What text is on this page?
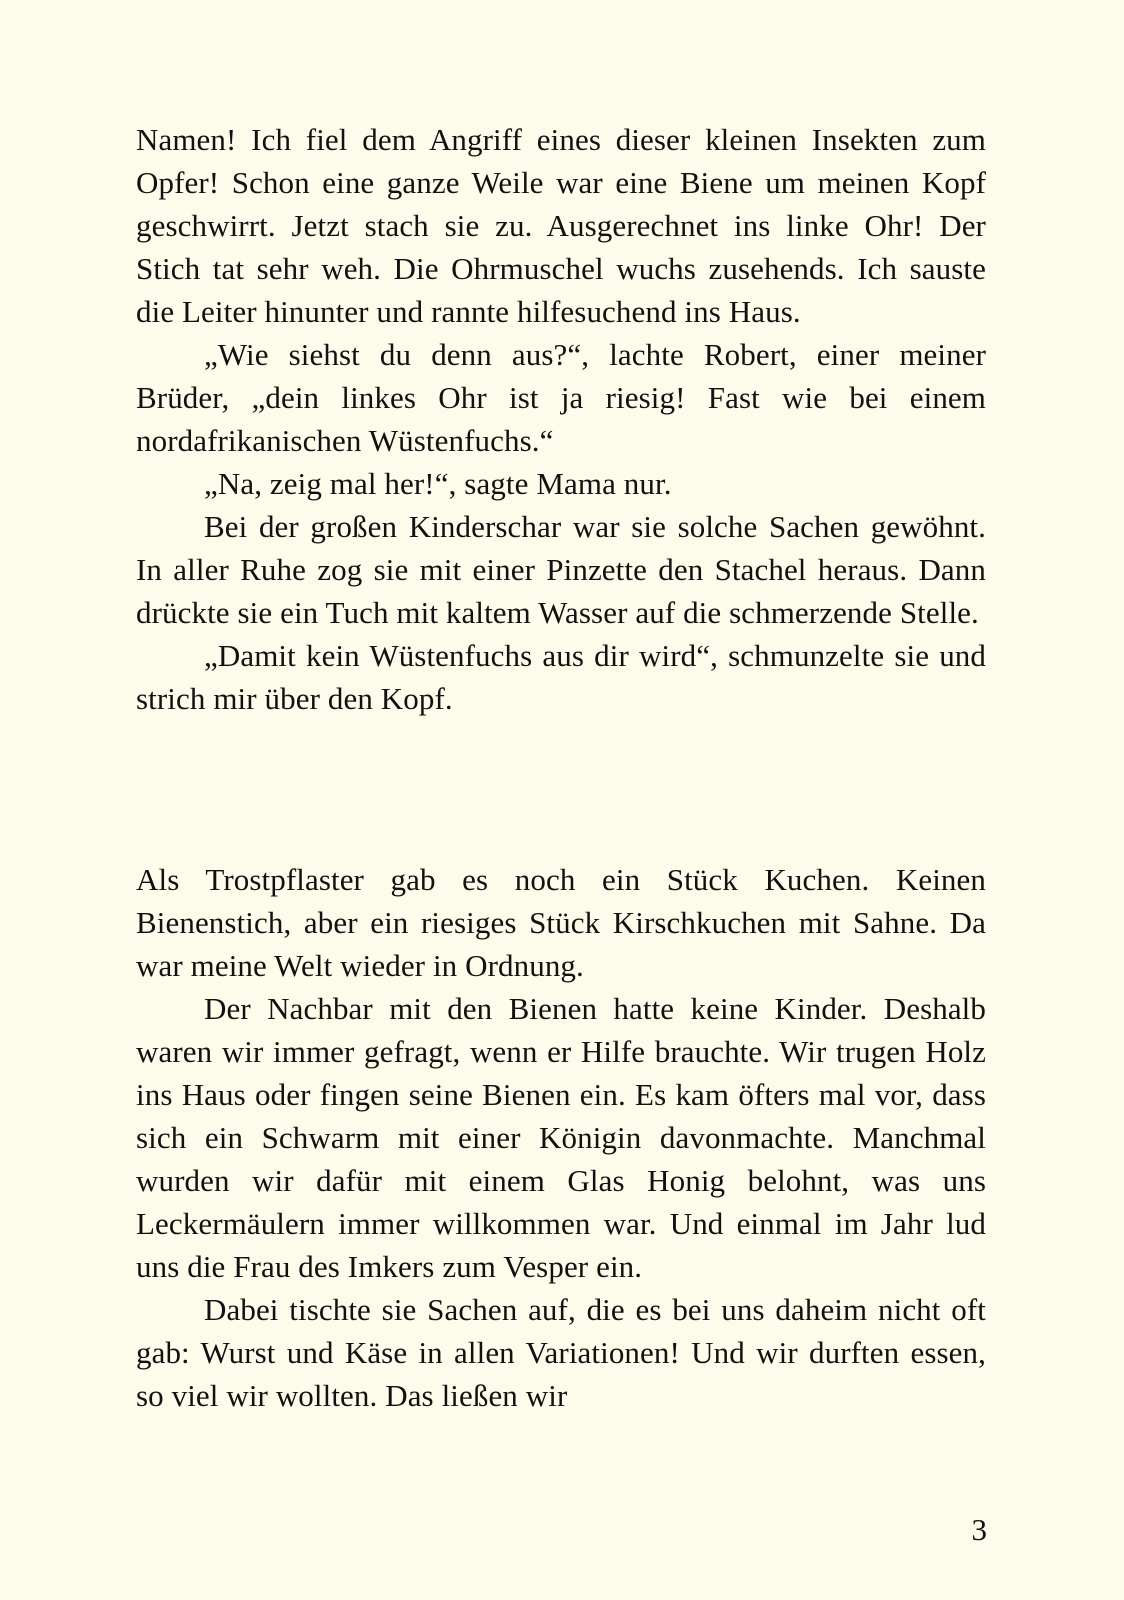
Namen! Ich fiel dem Angriff eines dieser kleinen Insekten zum Opfer! Schon eine ganze Weile war eine Biene um meinen Kopf geschwirrt. Jetzt stach sie zu. Ausgerechnet ins linke Ohr! Der Stich tat sehr weh. Die Ohrmuschel wuchs zusehends. Ich sauste die Leiter hinunter und rannte hilfesuchend ins Haus.

„Wie siehst du denn aus?“, lachte Robert, einer meiner Brüder, „dein linkes Ohr ist ja riesig! Fast wie bei einem nordafrikanischen Wüstenfuchs.“

„Na, zeig mal her!“, sagte Mama nur.

Bei der großen Kinderschar war sie solche Sachen gewöhnt. In aller Ruhe zog sie mit einer Pinzette den Stachel heraus. Dann drückte sie ein Tuch mit kaltem Wasser auf die schmerzende Stelle.

„Damit kein Wüstenfuchs aus dir wird“, schmunzelte sie und strich mir über den Kopf.

Als Trostpflaster gab es noch ein Stück Kuchen. Keinen Bienenstich, aber ein riesiges Stück Kirschkuchen mit Sahne. Da war meine Welt wieder in Ordnung.

Der Nachbar mit den Bienen hatte keine Kinder. Deshalb waren wir immer gefragt, wenn er Hilfe brauchte. Wir trugen Holz ins Haus oder fingen seine Bienen ein. Es kam öfters mal vor, dass sich ein Schwarm mit einer Königin davonmachte. Manchmal wurden wir dafür mit einem Glas Honig belohnt, was uns Leckermäulern immer willkommen war. Und einmal im Jahr lud uns die Frau des Imkers zum Vesper ein.

Dabei tischte sie Sachen auf, die es bei uns daheim nicht oft gab: Wurst und Käse in allen Variationen! Und wir durften essen, so viel wir wollten. Das ließen wir

3
